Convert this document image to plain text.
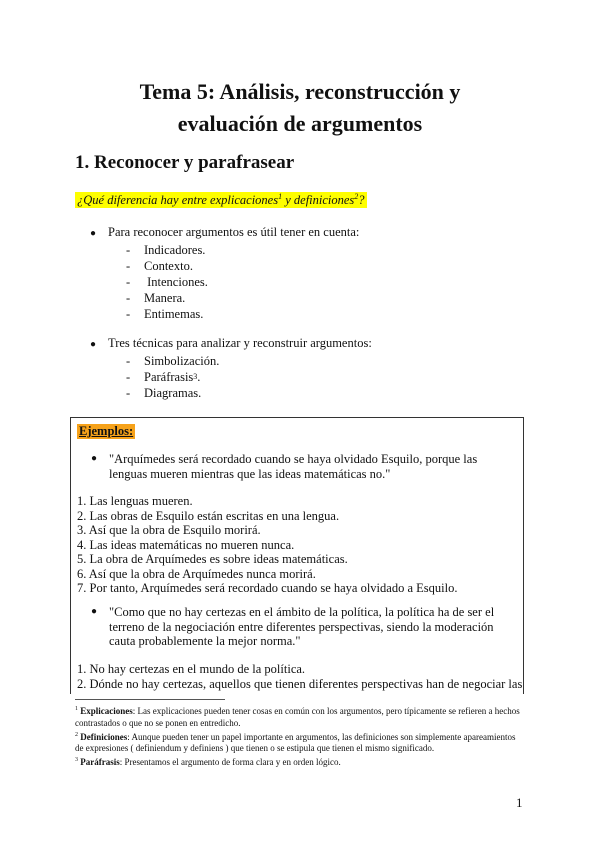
Tema 5: Análisis, reconstrucción y
evaluación de argumentos
1. Reconocer y parafrasear
¿Qué diferencia hay entre explicaciones$^1$ y definiciones$^2$?
● Para reconocer argumentos es útil tener en cuenta:
-	Indicadores.
-	Contexto.
-	Intenciones.
-	Manera.
-	Entimemas.
● Tres técnicas para analizar y reconstruir argumentos:
-	Simbolización.
-	Paráfrasis 3 .
-	Diagramas.
Ejemplos:
● "Arquímedes será recordado cuando se haya olvidado Esquilo, porque las lenguas mueren mientras que las ideas matemáticas no."
1. Las lenguas mueren.
2. Las obras de Esquilo están escritas en una lengua.
3. Así que la obra de Esquilo morirá.
4. Las ideas matemáticas no mueren nunca.
5. La obra de Arquímedes es sobre ideas matemáticas.
6. Así que la obra de Arquímedes nunca morirá.
7. Por tanto, Arquímedes será recordado cuando se haya olvidado a Esquilo.
● "Como que no hay certezas en el ámbito de la política, la política ha de ser el terreno de la negociación entre diferentes perspectivas, siendo la moderación cauta probablemente la mejor norma."
1. No hay certezas en el mundo de la política.
2. Dónde no hay certezas, aquellos que tienen diferentes perspectivas han de negociar las
$^1$ Explicaciones: Las explicaciones pueden tener cosas en común con los argumentos, pero típicamente se refieren a hechos contrastados o que no se ponen en entredicho.
$^2$ Definiciones: Aunque pueden tener un papel importante en argumentos, las definiciones son simplemente apareamientos de expresiones ( definiendum y definiens ) que tienen o se estipula que tienen el mismo significado.
$^3$ Paráfrasis: Presentamos el argumento de forma clara y en orden lógico.
1
